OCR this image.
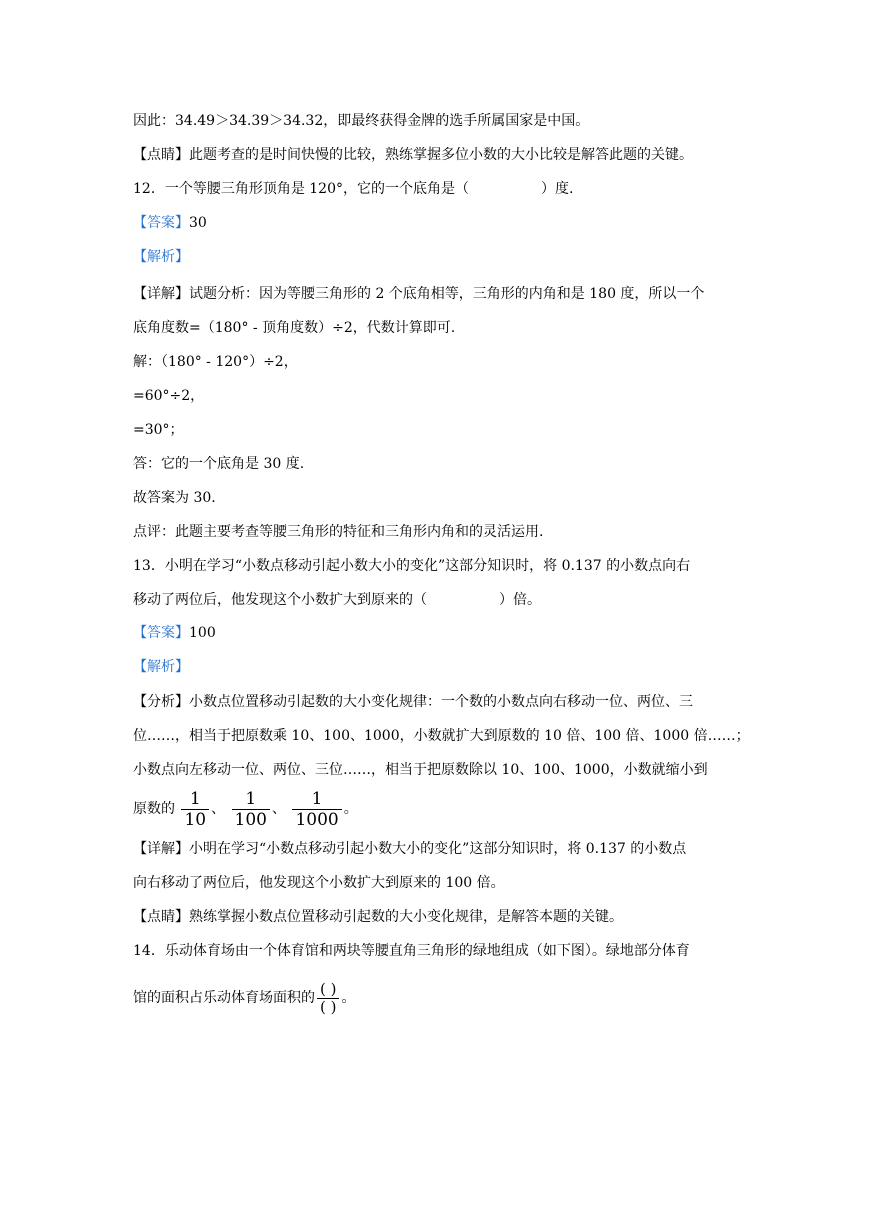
因此：34.49＞34.39＞34.32，即最终获得金牌的选手所属国家是中国。
【点睛】此题考查的是时间快慢的比较，熟练掌握多位小数的大小比较是解答此题的关键。
12．一个等腰三角形顶角是 120°，它的一个底角是（	）度.
【答案】30
【解析】
【详解】试题分析：因为等腰三角形的 2 个底角相等，三角形的内角和是 180 度，所以一个
底角度数=（180° - 顶角度数）÷2，代数计算即可.
解：（180° - 120°）÷2，
=60°÷2，
=30°；
答：它的一个底角是 30 度.
故答案为 30.
点评：此题主要考查等腰三角形的特征和三角形内角和的灵活运用.
13．小明在学习“小数点移动引起小数大小的变化”这部分知识时，将 0.137 的小数点向右
移动了两位后，他发现这个小数扩大到原来的（	）倍。
【答案】100
【解析】
【分析】小数点位置移动引起数的大小变化规律：一个数的小数点向右移动一位、两位、三
位……，相当于把原数乘 10、100、1000，小数就扩大到原数的 10 倍、100 倍、1000 倍……；
小数点向左移动一位、两位、三位……，相当于把原数除以 10、100、1000，小数就缩小到
原数的 $\frac{1}{10}$ 、 $\frac{1}{100}$ 、 $\frac{1}{1000}$ 。
【详解】小明在学习“小数点移动引起小数大小的变化”这部分知识时，将 0.137 的小数点
向右移动了两位后，他发现这个小数扩大到原来的 100 倍。
【点睛】熟练掌握小数点位置移动引起数的大小变化规律，是解答本题的关键。
14．乐动体育场由一个体育馆和两块等腰直角三角形的绿地组成（如下图）。绿地部分体育
馆的面积占乐动体育场面积的 $\frac{( )}{( )}$ 。
